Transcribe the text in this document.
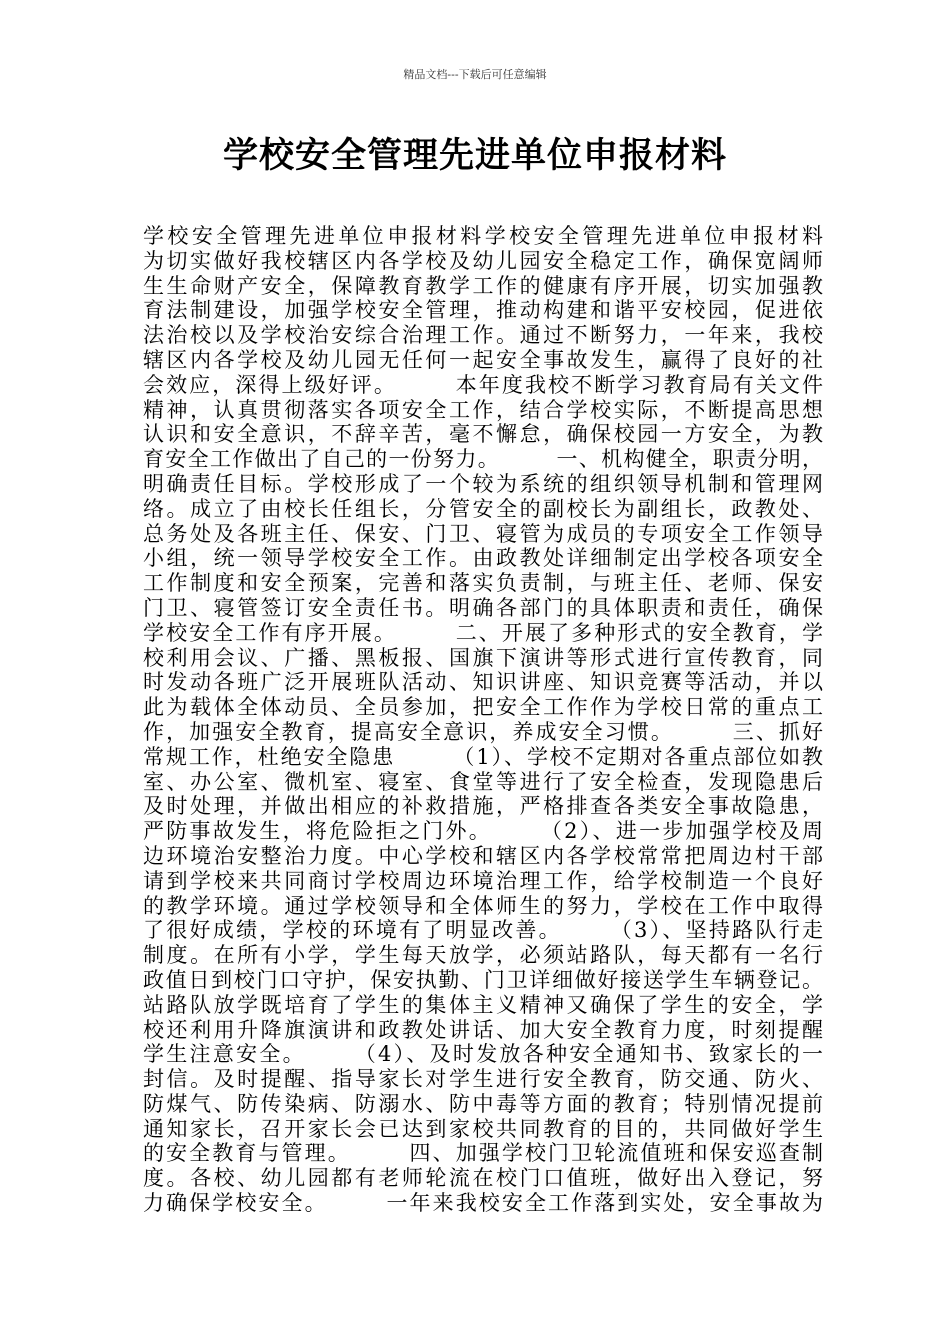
精品文档---下载后可任意编辑
学校安全管理先进单位申报材料
学校安全管理先进单位申报材料学校安全管理先进单位申报材料
为切实做好我校辖区内各学校及幼儿园安全稳定工作，确保宽阔师
生生命财产安全，保障教育教学工作的健康有序开展，切实加强教
育法制建设，加强学校安全管理，推动构建和谐平安校园，促进依
法治校以及学校治安综合治理工作。通过不断努力，一年来，我校
辖区内各学校及幼儿园无任何一起安全事故发生，赢得了良好的社
会效应，深得上级好评。　　　本年度我校不断学习教育局有关文件
精神，认真贯彻落实各项安全工作，结合学校实际，不断提高思想
认识和安全意识，不辞辛苦，毫不懈怠，确保校园一方安全，为教
育安全工作做出了自己的一份努力。　　　一、机构健全，职责分明，
明确责任目标。学校形成了一个较为系统的组织领导机制和管理网
络。成立了由校长任组长，分管安全的副校长为副组长，政教处、
总务处及各班主任、保安、门卫、寝管为成员的专项安全工作领导
小组，统一领导学校安全工作。由政教处详细制定出学校各项安全
工作制度和安全预案，完善和落实负责制，与班主任、老师、保安
门卫、寝管签订安全责任书。明确各部门的具体职责和责任，确保
学校安全工作有序开展。　　　二、开展了多种形式的安全教育，学
校利用会议、广播、黑板报、国旗下演讲等形式进行宣传教育，同
时发动各班广泛开展班队活动、知识讲座、知识竞赛等活动，并以
此为载体全体动员、全员参加，把安全工作作为学校日常的重点工
作，加强安全教育，提高安全意识，养成安全习惯。　　　三、抓好
常规工作，杜绝安全隐患　　　（1）、学校不定期对各重点部位如教
室、办公室、微机室、寝室、食堂等进行了安全检查，发现隐患后
及时处理，并做出相应的补救措施，严格排查各类安全事故隐患，
严防事故发生，将危险拒之门外。　　　（2）、进一步加强学校及周
边环境治安整治力度。中心学校和辖区内各学校常常把周边村干部
请到学校来共同商讨学校周边环境治理工作，给学校制造一个良好
的教学环境。通过学校领导和全体师生的努力，学校在工作中取得
了很好成绩，学校的环境有了明显改善。　　　（3）、坚持路队行走
制度。在所有小学，学生每天放学，必须站路队，每天都有一名行
政值日到校门口守护，保安执勤、门卫详细做好接送学生车辆登记。
站路队放学既培育了学生的集体主义精神又确保了学生的安全，学
校还利用升降旗演讲和政教处讲话、加大安全教育力度，时刻提醒
学生注意安全。　　　（4）、及时发放各种安全通知书、致家长的一
封信。及时提醒、指导家长对学生进行安全教育，防交通、防火、
防煤气、防传染病、防溺水、防中毒等方面的教育；特别情况提前
通知家长，召开家长会已达到家校共同教育的目的，共同做好学生
的安全教育与管理。　　　四、加强学校门卫轮流值班和保安巡查制
度。各校、幼儿园都有老师轮流在校门口值班，做好出入登记，努
力确保学校安全。　　　一年来我校安全工作落到实处，安全事故为
